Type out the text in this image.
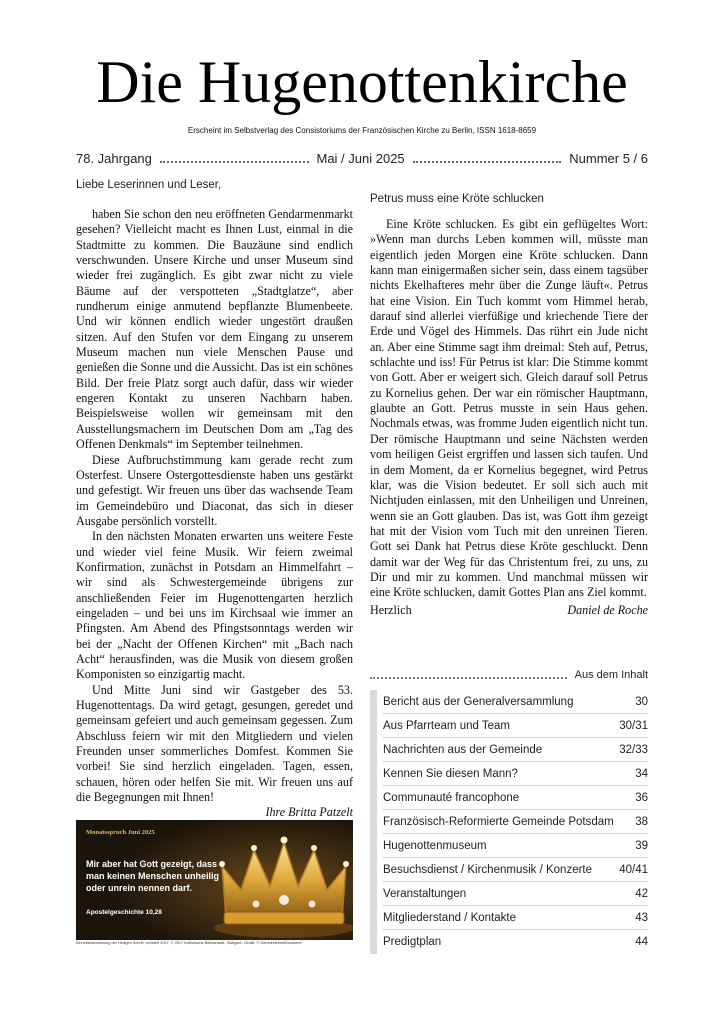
Die Hugenottenkirche
Erscheint im Selbstverlag des Consistoriums der Französischen Kirche zu Berlin, ISSN 1618-8659
78. Jahrgang	Mai / Juni 2025	Nummer 5 / 6
Liebe Leserinnen und Leser,

haben Sie schon den neu eröffneten Gendarmenmarkt gesehen? Vielleicht macht es Ihnen Lust, einmal in die Stadtmitte zu kommen. Die Bauzäune sind endlich verschwunden. Unsere Kirche und unser Museum sind wieder frei zugänglich. Es gibt zwar nicht zu viele Bäume auf der verspotteten „Stadtglatze“, aber rundherum einige anmutend bepflanzte Blumenbeete. Und wir können endlich wieder ungestört draußen sitzen. Auf den Stufen vor dem Eingang zu unserem Museum machen nun viele Menschen Pause und genießen die Sonne und die Aussicht. Das ist ein schönes Bild. Der freie Platz sorgt auch dafür, dass wir wieder engeren Kontakt zu unseren Nachbarn haben. Beispielsweise wollen wir gemeinsam mit den Ausstellungsmachern im Deutschen Dom am „Tag des Offenen Denkmals“ im September teilnehmen.

Diese Aufbruchstimmung kam gerade recht zum Osterfest. Unsere Ostergottesdienste haben uns gestärkt und gefestigt. Wir freuen uns über das wachsende Team im Gemeindebüro und Diaconat, das sich in dieser Ausgabe persönlich vorstellt.

In den nächsten Monaten erwarten uns weitere Feste und wieder viel feine Musik. Wir feiern zweimal Konfirmation, zunächst in Potsdam an Himmelfahrt – wir sind als Schwestergemeinde übrigens zur anschließenden Feier im Hugenottengarten herzlich eingeladen – und bei uns im Kirchsaal wie immer an Pfingsten. Am Abend des Pfingstsonntags werden wir bei der „Nacht der Offenen Kirchen“ mit „Bach nach Acht“ herausfinden, was die Musik von diesem großen Komponisten so einzigartig macht.

Und Mitte Juni sind wir Gastgeber des 53. Hugenottentags. Da wird getagt, gesungen, geredet und gemeinsam gefeiert und auch gemeinsam gegessen. Zum Abschluss feiern wir mit den Mitgliedern und vielen Freunden unser sommerliches Domfest. Kommen Sie vorbei! Sie sind herzlich eingeladen. Tagen, essen, schauen, hören oder helfen Sie mit. Wir freuen uns auf die Begegnungen mit Ihnen!

Ihre Britta Patzelt
Monatsspruch Juni 2025
Mir aber hat Gott gezeigt, dass man keinen Menschen unheilig oder unrein nennen darf.
Apostelgeschichte 10,28
Einheitsübersetzung der Heiligen Schrift, revidiert 2017, © 2017 Katholische Bibelanstalt, Stuttgart - Grafik: © GemeindebriefDruckerei
Petrus muss eine Kröte schlucken

Eine Kröte schlucken. Es gibt ein geflügeltes Wort: »Wenn man durchs Leben kommen will, müsste man eigentlich jeden Morgen eine Kröte schlucken. Dann kann man einigermaßen sicher sein, dass einem tagsüber nichts Ekelhafteres mehr über die Zunge läuft«. Petrus hat eine Vision. Ein Tuch kommt vom Himmel herab, darauf sind allerlei vierfüßige und kriechende Tiere der Erde und Vögel des Himmels. Das rührt ein Jude nicht an. Aber eine Stimme sagt ihm dreimal: Steh auf, Petrus, schlachte und iss! Für Petrus ist klar: Die Stimme kommt von Gott. Aber er weigert sich. Gleich darauf soll Petrus zu Kornelius gehen. Der war ein römischer Hauptmann, glaubte an Gott. Petrus musste in sein Haus gehen. Nochmals etwas, was fromme Juden eigentlich nicht tun. Der römische Hauptmann und seine Nächsten werden vom heiligen Geist ergriffen und lassen sich taufen. Und in dem Moment, da er Kornelius begegnet, wird Petrus klar, was die Vision bedeutet. Er soll sich auch mit Nichtjuden einlassen, mit den Unheiligen und Unreinen, wenn sie an Gott glauben. Das ist, was Gott ihm gezeigt hat mit der Vision vom Tuch mit den unreinen Tieren. Gott sei Dank hat Petrus diese Kröte geschluckt. Denn damit war der Weg für das Christentum frei, zu uns, zu Dir und mir zu kommen. Und manchmal müssen wir eine Kröte schlucken, damit Gottes Plan ans Ziel kommt.

Herzlich	Daniel de Roche
Aus dem Inhalt
Bericht aus der Generalversammlung	30
Aus Pfarrteam und Team	30/31
Nachrichten aus der Gemeinde	32/33
Kennen Sie diesen Mann?	34
Communauté francophone	36
Französisch-Reformierte Gemeinde Potsdam 38
Hugenottenmuseum	39
Besuchsdienst / Kirchenmusik / Konzerte 40/41
Veranstaltungen	42
Mitgliederstand / Kontakte	43
Predigtplan	44
